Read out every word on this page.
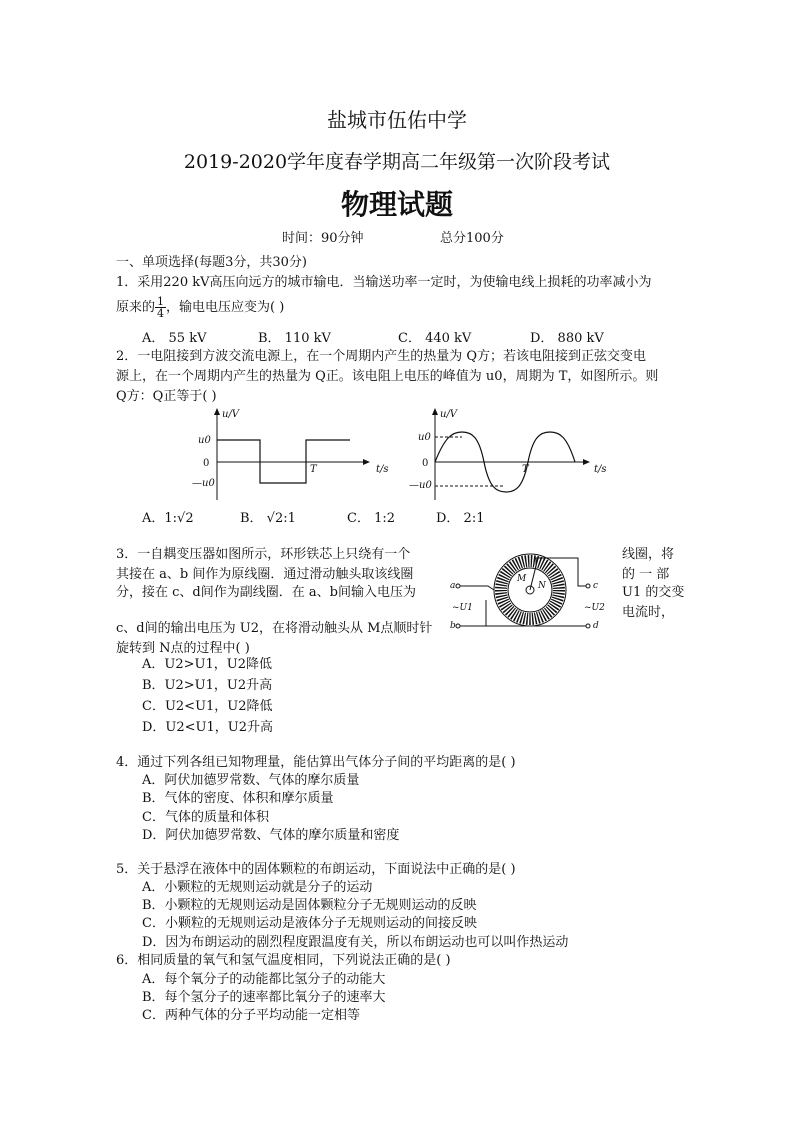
盐城市伍佑中学
2019-2020学年度春学期高二年级第一次阶段考试
物理试题
时间：90分钟	总分100分
一、单项选择(每题3分，共30分)
1．采用220 kV高压向远方的城市输电．当输送功率一定时，为使输电线上损耗的功率减小为
原来的 $\frac{1}{4}$ ，输电电压应变为( )
A． 55 kV	B． 110 kV	C． 440 kV	D． 880 kV
2．一电阻接到方波交流电源上，在一个周期内产生的热量为 Q方；若该电阻接到正弦交变电
源上，在一个周期内产生的热量为 Q正。该电阻上电压的峰值为 u0，周期为 T，如图所示。则
Q方：Q正等于( )
u/V
u0
0
—u0
T	t/s
u/V
u0
0
—u0
T	t/s
A．1:√2	B． √2:1	C． 1:2	D． 2:1
3．一自耦变压器如图所示，环形铁芯上只绕有一个	线圈，将
其接在 a、b 间作为原线圈．通过滑动触头取该线圈	的 一 部
分，接在 c、d间作为副线圈．在 a、b间输入电压为	U1 的交变
电流时，
c、d间的输出电压为 U2，在将滑动触头从 M点顺时针
旋转到 N点的过程中( )
M
N
a
b
~U1
c
d
~U2
A．U2>U1，U2降低
B．U2>U1，U2升高
C．U2<U1，U2降低
D．U2<U1，U2升高
4．通过下列各组已知物理量，能估算出气体分子间的平均距离的是( )
A．阿伏加德罗常数、气体的摩尔质量
B．气体的密度、体积和摩尔质量
C．气体的质量和体积
D．阿伏加德罗常数、气体的摩尔质量和密度
5．关于悬浮在液体中的固体颗粒的布朗运动，下面说法中正确的是( )
A．小颗粒的无规则运动就是分子的运动
B．小颗粒的无规则运动是固体颗粒分子无规则运动的反映
C．小颗粒的无规则运动是液体分子无规则运动的间接反映
D．因为布朗运动的剧烈程度跟温度有关，所以布朗运动也可以叫作热运动
6．相同质量的氧气和氢气温度相同，下列说法正确的是( )
A．每个氧分子的动能都比氢分子的动能大
B．每个氢分子的速率都比氧分子的速率大
C．两种气体的分子平均动能一定相等
